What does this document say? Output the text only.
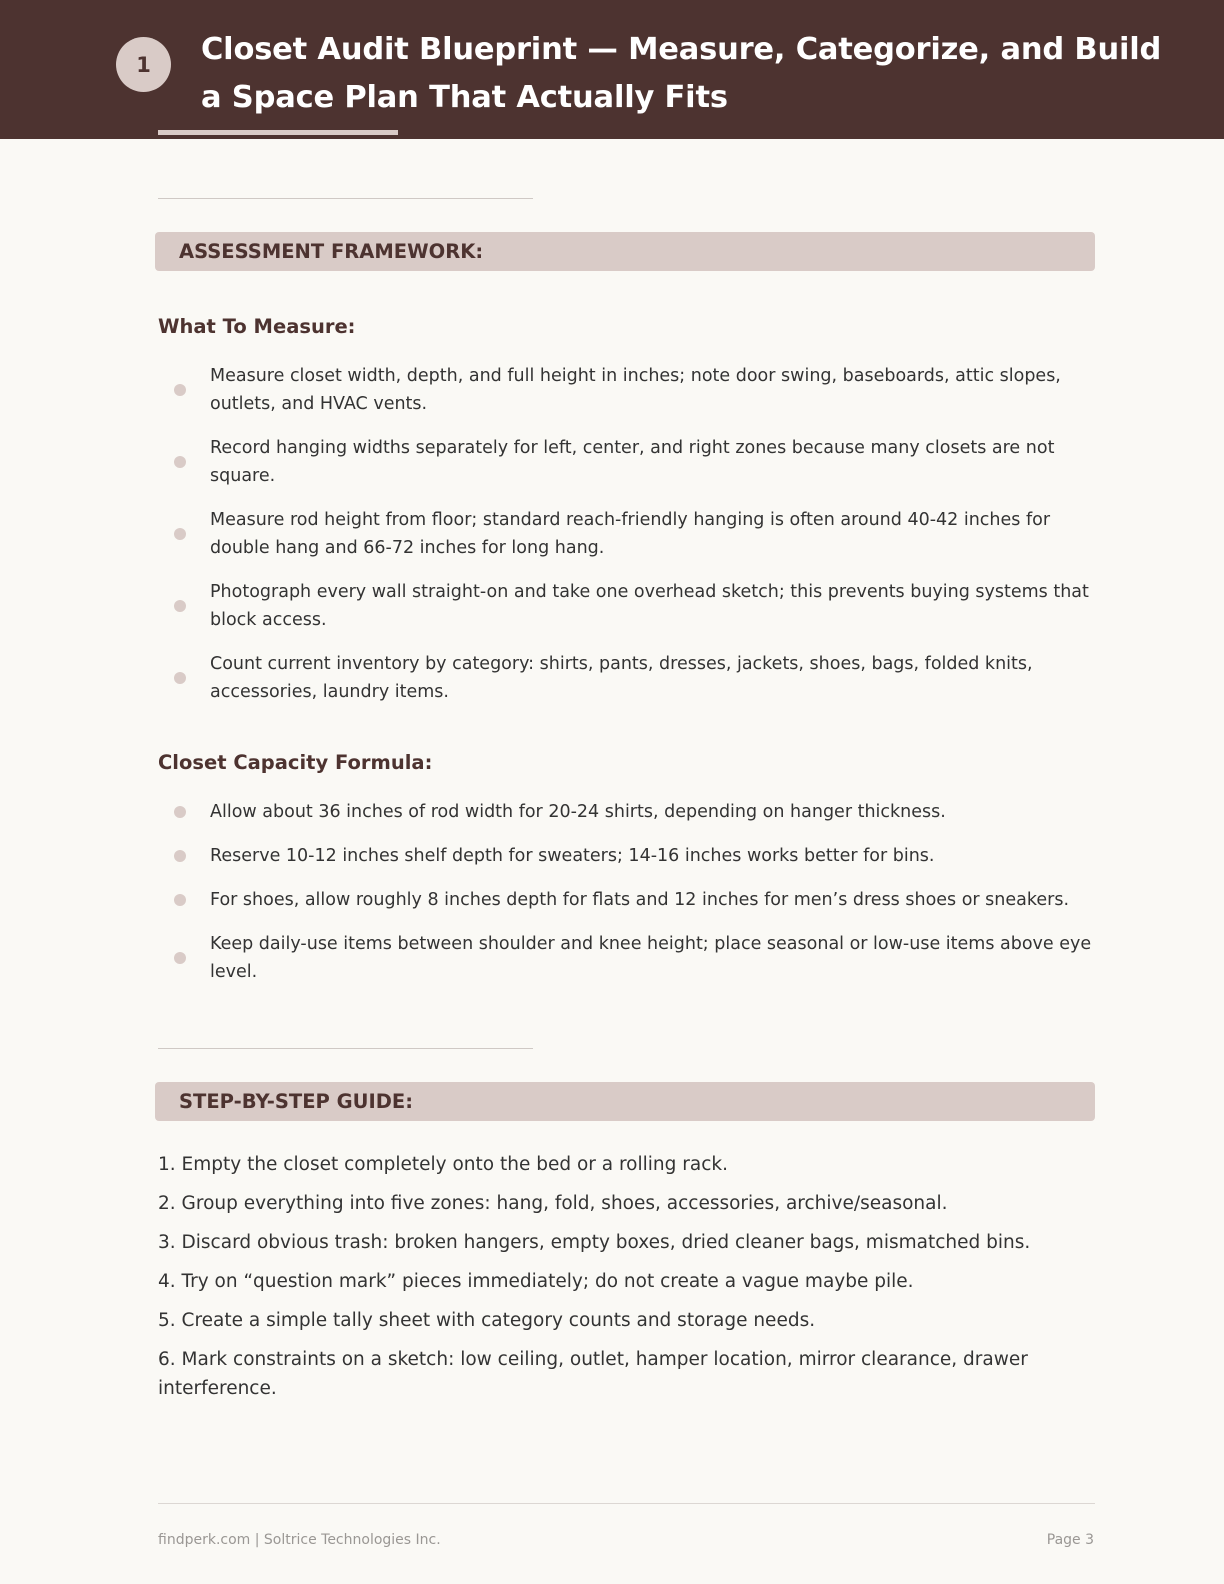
1	Closet Audit Blueprint — Measure, Categorize, and Build a Space Plan That Actually Fits
ASSESSMENT FRAMEWORK:
What To Measure:
Measure closet width, depth, and full height in inches; note door swing, baseboards, attic slopes, outlets, and HVAC vents.
Record hanging widths separately for left, center, and right zones because many closets are not square.
Measure rod height from floor; standard reach-friendly hanging is often around 40-42 inches for double hang and 66-72 inches for long hang.
Photograph every wall straight-on and take one overhead sketch; this prevents buying systems that block access.
Count current inventory by category: shirts, pants, dresses, jackets, shoes, bags, folded knits, accessories, laundry items.
Closet Capacity Formula:
Allow about 36 inches of rod width for 20-24 shirts, depending on hanger thickness.
Reserve 10-12 inches shelf depth for sweaters; 14-16 inches works better for bins.
For shoes, allow roughly 8 inches depth for flats and 12 inches for men’s dress shoes or sneakers.
Keep daily-use items between shoulder and knee height; place seasonal or low-use items above eye level.
STEP-BY-STEP GUIDE:
1. Empty the closet completely onto the bed or a rolling rack.
2. Group everything into five zones: hang, fold, shoes, accessories, archive/seasonal.
3. Discard obvious trash: broken hangers, empty boxes, dried cleaner bags, mismatched bins.
4. Try on “question mark” pieces immediately; do not create a vague maybe pile.
5. Create a simple tally sheet with category counts and storage needs.
6. Mark constraints on a sketch: low ceiling, outlet, hamper location, mirror clearance, drawer interference.
findperk.com | Soltrice Technologies Inc.	Page 3
